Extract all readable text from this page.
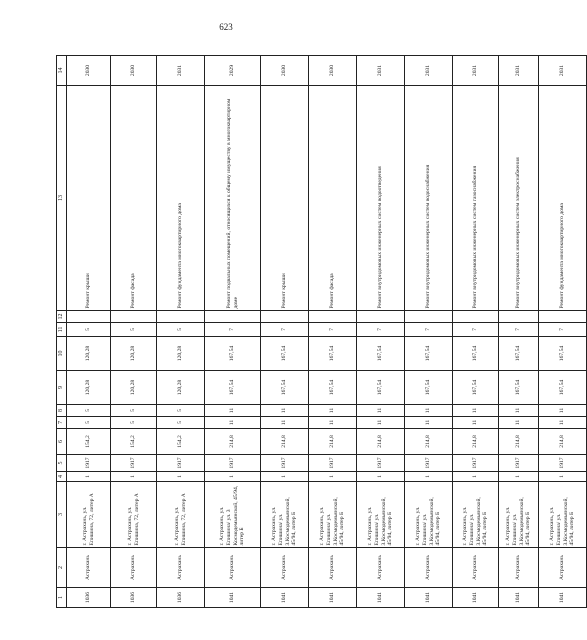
623
1	2	3	4	5	6	7	8	9	10	11	12	13	14
1036	Астрахань	г. Астрахань, ул. Епишина, 72, литер А	1	1917	154,2	5	5	120,28	120,28	5		Ремонт крыши	2030
1036	Астрахань	г. Астрахань, ул. Епишина, 72, литер А	1	1917	154,2	5	5	120,28	120,28	5		Ремонт фасада	2030
1036	Астрахань	г. Астрахань, ул. Епишина, 72, литер А	1	1917	154,2	5	5	120,28	120,28	5		Ремонт фундамента многоквартирного дома	2031
1041	Астрахань	г. Астрахань, ул. Епишина/ ул. 3 Космодемьянской, 45/94, литер Б	1	1917	214,8	11	11	167,54	167,54	7		Ремонт подвальных помещений, относящихся к общему имуществу в многоквартирном доме	2029
1041	Астрахань	г. Астрахань, ул. Епишина/ ул. 3.Космодемьянской, 45/94, литер Б	1	1917	214,8	11	11	167,54	167,54	7		Ремонт крыши	2030
1041	Астрахань	г. Астрахань, ул. Епишина/ ул. 3.Космодемьянской, 45/94, литер Б	1	1917	214,8	11	11	167,54	167,54	7		Ремонт фасада	2030
1041	Астрахань	г. Астрахань, ул. Епишина/ ул. 3.Космодемьянской, 45/94, литер Б	1	1917	214,8	11	11	167,54	167,54	7		Ремонт внутридомовых инженерных систем водоотведения	2031
1041	Астрахань	г. Астрахань, ул. Епишина/ ул. 3.Космодемьянской, 45/94, литер Б	1	1917	214,8	11	11	167,54	167,54	7		Ремонт внутридомовых инженерных систем водоснабжения	2031
1041	Астрахань	г. Астрахань, ул. Епишина/ ул. 3.Космодемьянской, 45/94, литер Б	1	1917	214,8	11	11	167,54	167,54	7		Ремонт внутридомовых инженерных систем газоснабжения	2031
1041	Астрахань	г. Астрахань, ул. Епишина/ ул. 3.Космодемьянской, 45/94, литер Б	1	1917	214,8	11	11	167,54	167,54	7		Ремонт внутридомовых инженерных систем электроснабжения	2031
1041	Астрахань	г. Астрахань, ул. Епишина/ ул. 3.Космодемьянской, 45/94, литер Б	1	1917	214,8	11	11	167,54	167,54	7		Ремонт фундамента многоквартирного дома	2031
